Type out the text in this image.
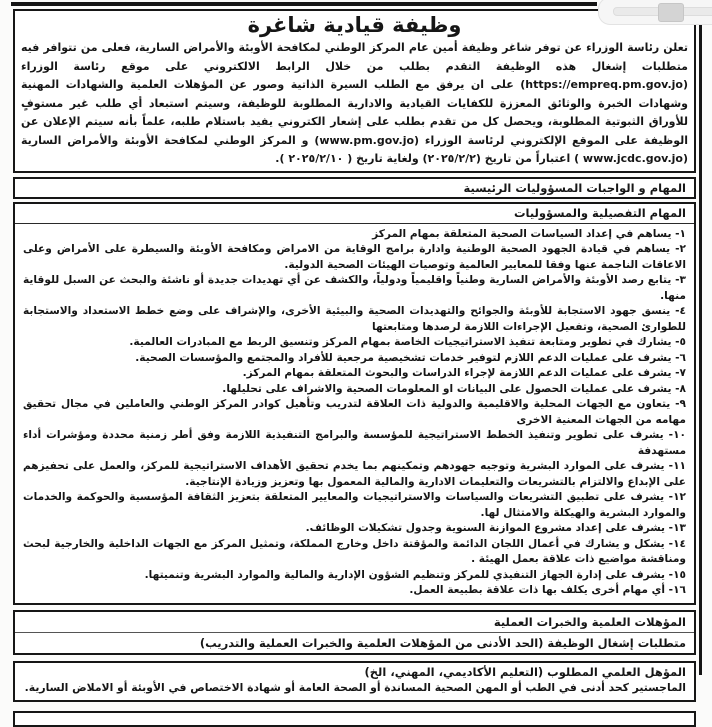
وظيفة قيادية شاغرة

تعلن رئاسة الوزراء عن توفر شاغر وظيفة أمين عام المركز الوطني لمكافحة الأوبئة والأمراض السارية، فعلى من تتوافر فيه متطلبات إشغال هذه الوظيفة التقدم بطلب من خلال الرابط الالكتروني على موقع رئاسة الوزراء (https://empreq.pm.gov.jo) على ان يرفق مع الطلب السيرة الذاتية وصور عن المؤهلات العلمية والشهادات المهنية وشهادات الخبرة والوثائق المعززة للكفايات القيادية والادارية المطلوبة للوظيفة، وسيتم استبعاد أي طلب غير مستوفٍ للأوراق الثبوتية المطلوبة، ويحصل كل من تقدم بطلب على إشعار الكتروني يفيد باستلام طلبه، علماً بأنه سيتم الإعلان عن الوظيفة على الموقع الإلكتروني لرئاسة الوزراء (www.pm.gov.jo) و المركز الوطني لمكافحة الأوبئة والأمراض السارية (www.jcdc.gov.jo ) اعتباراً من تاريخ (٢٠٢٥/٢/٢) ولغاية تاريخ ( ٢٠٢٥/٢/١٠ ).

المهام و الواجبات المسؤوليات الرئيسية
المهام التفصيلية والمسؤوليات
١- يساهم في إعداد السياسات الصحية المتعلقة بمهام المركز
٢- يساهم في قيادة الجهود الصحية الوطنية وادارة برامج الوقاية من الامراض ومكافحة الأوبئة والسيطرة على الأمراض وعلى الاعاقات الناجمة عنها وفقا للمعايير العالمية وتوصيات الهيئات الصحية الدولية.
٣- يتابع رصد الأوبئة والأمراض السارية وطنياً واقليمياً ودولياً، والكشف عن أي تهديدات جديدة أو ناشئة والبحث عن السبل للوقاية منها.
٤- ينسق جهود الاستجابة للأوبئة والجوائح والتهديدات الصحية والبيئية الأخرى، والإشراف على وضع خطط الاستعداد والاستجابة للطوارئ الصحية، وتفعيل الإجراءات اللازمة لرصدها ومتابعتها
٥- يشارك في تطوير ومتابعة تنفيذ الاستراتيجيات الخاصة بمهام المركز وتنسيق الربط مع المبادرات العالمية.
٦- يشرف على عمليات الدعم اللازم لتوفير خدمات تشخيصية مرجعية للأفراد والمجتمع والمؤسسات الصحية.
٧- يشرف على عمليات الدعم اللازمة لإجراء الدراسات والبحوث المتعلقة بمهام المركز.
٨- يشرف على عمليات الحصول على البيانات او المعلومات الصحية والاشراف على تحليلها.
٩- يتعاون مع الجهات المحلية والاقليمية والدولية ذات العلاقة لتدريب وتأهيل كوادر المركز الوطني والعاملين في مجال تحقيق مهامه من الجهات المعنية الاخرى
١٠- يشرف على تطوير وتنفيذ الخطط الاستراتيجية للمؤسسة والبرامج التنفيذية اللازمة وفق أطر زمنية محددة ومؤشرات أداء مستهدفة
١١- يشرف على الموارد البشرية وتوجيه جهودهم وتمكينهم بما يخدم تحقيق الأهداف الاستراتيجية للمركز، والعمل على تحفيزهم على الإبداع والالتزام بالتشريعات والتعليمات الادارية والمالية المعمول بها وتعزيز وزيادة الإنتاجية.
١٢- يشرف على تطبيق التشريعات والسياسات والاستراتيجيات والمعايير المتعلقة بتعزيز الثقافة المؤسسية والحوكمة والخدمات والموارد البشرية والهيكلة والامتثال لها.
١٣- يشرف على إعداد مشروع الموازنة السنوية وجدول تشكيلات الوظائف.
١٤- يشكل و يشارك في أعمال اللجان الدائمة والمؤقتة داخل وخارج المملكة، وتمثيل المركز مع الجهات الداخلية والخارجية لبحث ومناقشة مواضيع ذات علاقة بعمل الهيئة .
١٥- يشرف على إدارة الجهاز التنفيذي للمركز وتنظيم الشؤون الإدارية والمالية والموارد البشرية وتنميتها.
١٦- أي مهام أخرى يكلف بها ذات علاقة بطبيعة العمل.
المؤهلات العلمية والخبرات العملية
متطلبات إشغال الوظيفة (الحد الأدنى من المؤهلات العلمية والخبرات العملية والتدريب)
المؤهل العلمي المطلوب (التعليم الأكاديمي، المهني، الخ)
الماجستير كحد أدنى في الطب أو المهن الصحية المساندة أو الصحة العامة أو شهادة الاختصاص في الأوبئة أو الاملاض السارية.
